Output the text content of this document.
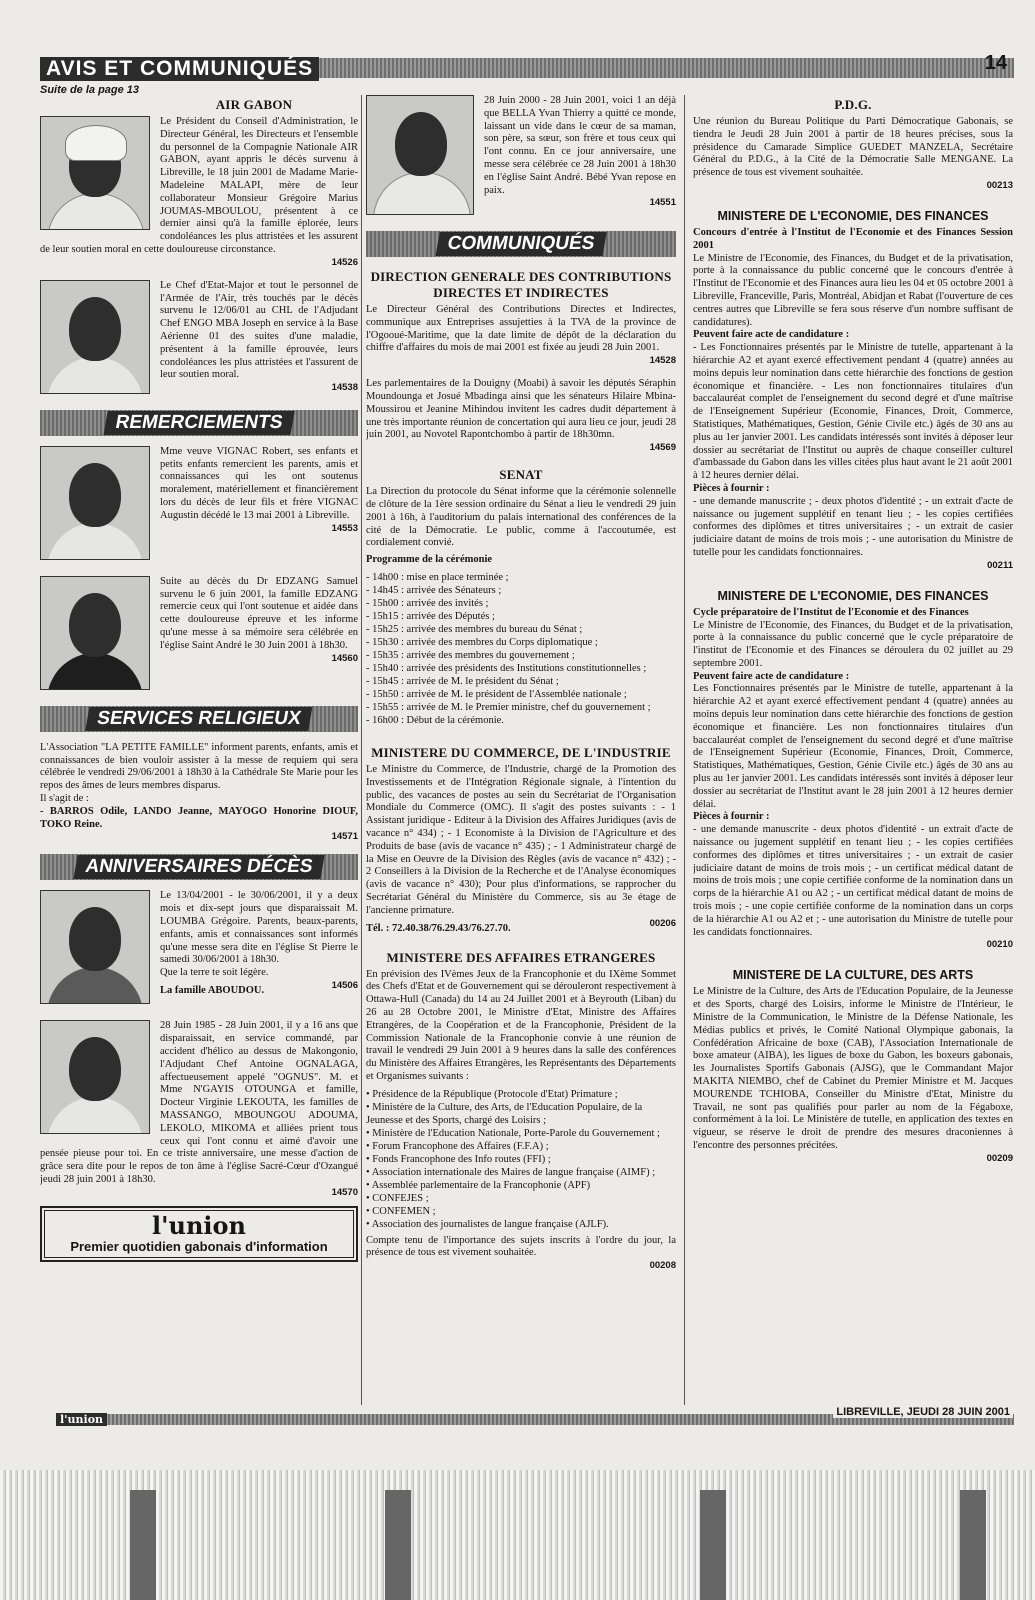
AVIS ET COMMUNIQUÉS	14
Suite de la page 13
AIR GABON
Le Président du Conseil d'Administration, le Directeur Général, les Directeurs et l'ensemble du personnel de la Compagnie Nationale AIR GABON, ayant appris le décès survenu à Libreville, le 18 juin 2001 de Madame Marie-Madeleine MALAPI, mère de leur collaborateur Monsieur Grégoire Marius JOUMAS-MBOULOU, présentent à ce dernier ainsi qu'à la famille éplorée, leurs condoléances les plus attristées et les assurent de leur soutien moral en cette douloureuse circonstance.
14526
Le Chef d'Etat-Major et tout le personnel de l'Armée de l'Air, très touchés par le décès survenu le 12/06/01 au CHL de l'Adjudant Chef ENGO MBA Joseph en service à la Base Aérienne 01 des suites d'une maladie, présentent à la famille éprouvée, leurs condoléances les plus attristées et l'assurent de leur soutien moral.
14538
REMERCIEMENTS
Mme veuve VIGNAC Robert, ses enfants et petits enfants remercient les parents, amis et connaissances qui les ont soutenus moralement, matériellement et financièrement lors du décès de leur fils et frère VIGNAC Augustin décédé le 13 mai 2001 à Libreville.
14553
Suite au décès du Dr EDZANG Samuel survenu le 6 juin 2001, la famille EDZANG remercie ceux qui l'ont soutenue et aidée dans cette douloureuse épreuve et les informe qu'une messe à sa mémoire sera célébrée en l'église Saint André le 30 Juin 2001 à 18h30.
14560
SERVICES RELIGIEUX
L'Association "LA PETITE FAMILLE" informent parents, enfants, amis et connaissances de bien vouloir assister à la messe de requiem qui sera célébrée le vendredi 29/06/2001 à 18h30 à la Cathédrale Ste Marie pour les repos des âmes de leurs membres disparus.
Il s'agit de :
- BARROS Odile, LANDO Jeanne, MAYOGO Honorine DIOUF, TOKO Reine.
14571
ANNIVERSAIRES DÉCÈS
Le 13/04/2001 - le 30/06/2001, il y a deux mois et dix-sept jours que disparaissait M. LOUMBA Grégoire. Parents, beaux-parents, enfants, amis et connaissances sont informés qu'une messe sera dite en l'église St Pierre le samedi 30/06/2001 à 18h30.
Que la terre te soit légère.
La famille ABOUDOU.	14506
28 Juin 1985 - 28 Juin 2001, il y a 16 ans que disparaissait, en service commandé, par accident d'hélico au dessus de Makongonio, l'Adjudant Chef Antoine OGNALAGA, affectueusement appelé "OGNUS". M. et Mme N'GAYIS OTOUNGA et famille, Docteur Virginie LEKOUTA, les familles de MASSANGO, MBOUNGOU ADOUMA, LEKOLO, MIKOMA et alliées prient tous ceux qui l'ont connu et aimé d'avoir une pensée pieuse pour toi. En ce triste anniversaire, une messe d'action de grâce sera dite pour le repos de ton âme à l'église Sacré-Cœur d'Ozangué jeudi 28 juin 2001 à 18h30.
14570
l'union
Premier quotidien gabonais d'information
28 Juin 2000 - 28 Juin 2001, voici 1 an déjà que BELLA Yvan Thierry a quitté ce monde, laissant un vide dans le cœur de sa maman, son père, sa sœur, son frère et tous ceux qui l'ont connu. En ce jour anniversaire, une messe sera célébrée ce 28 Juin 2001 à 18h30 en l'église Saint André. Bébé Yvan repose en paix.
14551
COMMUNIQUÉS
DIRECTION GENERALE DES CONTRIBUTIONS DIRECTES ET INDIRECTES
Le Directeur Général des Contributions Directes et Indirectes, communique aux Entreprises assujetties à la TVA de la province de l'Ogooué-Maritime, que la date limite de dépôt de la déclaration du chiffre d'affaires du mois de mai 2001 est fixée au jeudi 28 Juin 2001.
14528
Les parlementaires de la Douigny (Moabi) à savoir les députés Séraphin Moundounga et Josué Mbadinga ainsi que les sénateurs Hilaire Mbina-Moussirou et Jeanine Mihindou invitent les cadres dudit département à une très importante réunion de concertation qui aura lieu ce jour, jeudi 28 juin 2001, au Novotel Rapontchombo à partir de 18h30mn.
14569
SENAT
La Direction du protocole du Sénat informe que la cérémonie solennelle de clôture de la 1ère session ordinaire du Sénat a lieu le vendredi 29 juin 2001 à 16h, à l'auditorium du palais international des conférences de la cité de la Démocratie. Le public, comme à l'accoutumée, est cordialement convié.
Programme de la cérémonie
- 14h00 : mise en place terminée ;
- 14h45 : arrivée des Sénateurs ;
- 15h00 : arrivée des invités ;
- 15h15 : arrivée des Députés ;
- 15h25 : arrivée des membres du bureau du Sénat ;
- 15h30 : arrivée des membres du Corps diplomatique ;
- 15h35 : arrivée des membres du gouvernement ;
- 15h40 : arrivée des présidents des Institutions constitutionnelles ;
- 15h45 : arrivée de M. le président du Sénat ;
- 15h50 : arrivée de M. le président de l'Assemblée nationale ;
- 15h55 : arrivée de M. le Premier ministre, chef du gouvernement ;
- 16h00 : Début de la cérémonie.
MINISTERE DU COMMERCE, DE L'INDUSTRIE
Le Ministre du Commerce, de l'Industrie, chargé de la Promotion des Investissements et de l'Intégration Régionale signale, à l'intention du public, des vacances de postes au sein du Secrétariat de l'Organisation Mondiale du Commerce (OMC). Il s'agit des postes suivants : - 1 Assistant juridique - Editeur à la Division des Affaires Juridiques (avis de vacance n° 434) ; - 1 Economiste à la Division de l'Agriculture et des Produits de base (avis de vacance n° 435) ; - 1 Administrateur chargé de la Mise en Oeuvre de la Division des Règles (avis de vacance n° 432) ; - 2 Conseillers à la Division de la Recherche et de l'Analyse économiques (avis de vacance n° 430); Pour plus d'informations, se rapprocher du Secrétariat Général du Ministère du Commerce, sis au 3e étage de l'ancienne primature.
Tél. : 72.40.38/76.29.43/76.27.70.	00206
MINISTERE DES AFFAIRES ETRANGERES
En prévision des IVèmes Jeux de la Francophonie et du IXème Sommet des Chefs d'Etat et de Gouvernement qui se dérouleront respectivement à Ottawa-Hull (Canada) du 14 au 24 Juillet 2001 et à Beyrouth (Liban) du 26 au 28 Octobre 2001, le Ministre d'Etat, Ministre des Affaires Etrangères, de la Coopération et de la Francophonie, Président de la Commission Nationale de la Francophonie convie à une réunion de travail le vendredi 29 Juin 2001 à 9 heures dans la salle des conférences du Ministère des Affaires Etrangères, les Représentants des Départements et Organismes suivants :
• Présidence de la République (Protocole d'Etat) Primature ;
• Ministère de la Culture, des Arts, de l'Education Populaire, de la Jeunesse et des Sports, chargé des Loisirs ;
• Ministère de l'Education Nationale, Porte-Parole du Gouvernement ;
• Forum Francophone des Affaires (F.F.A) ;
• Fonds Francophone des Info routes (FFI) ;
• Association internationale des Maires de langue française (AIMF) ;
• Assemblée parlementaire de la Francophonie (APF)
• CONFEJES ;
• CONFEMEN ;
• Association des journalistes de langue française (AJLF).
Compte tenu de l'importance des sujets inscrits à l'ordre du jour, la présence de tous est vivement souhaitée.
00208
P.D.G.
Une réunion du Bureau Politique du Parti Démocratique Gabonais, se tiendra le Jeudi 28 Juin 2001 à partir de 18 heures précises, sous la présidence du Camarade Simplice GUEDET MANZELA, Secrétaire Général du P.D.G., à la Cité de la Démocratie Salle MENGANE. La présence de tous est vivement souhaitée.
00213
MINISTERE DE L'ECONOMIE, DES FINANCES
Concours d'entrée à l'Institut de l'Economie et des Finances Session 2001
Le Ministre de l'Economie, des Finances, du Budget et de la privatisation, porte à la connaissance du public concerné que le concours d'entrée à l'Institut de l'Economie et des Finances aura lieu les 04 et 05 octobre 2001 à Libreville, Franceville, Paris, Montréal, Abidjan et Rabat (l'ouverture de ces centres autres que Libreville se fera sous réserve d'un nombre suffisant de candidatures).
Peuvent faire acte de candidature :
- Les Fonctionnaires présentés par le Ministre de tutelle, appartenant à la hiérarchie A2 et ayant exercé effectivement pendant 4 (quatre) années au moins depuis leur nomination dans cette hiérarchie des fonctions de gestion économique et financière. - Les non fonctionnaires titulaires d'un baccalauréat complet de l'enseignement du second degré et d'une maîtrise de l'Enseignement Supérieur (Economie, Finances, Droit, Commerce, Statistiques, Mathématiques, Gestion, Génie Civile etc.) âgés de 30 ans au plus au 1er janvier 2001. Les candidats intéressés sont invités à déposer leur dossier au secrétariat de l'Institut ou auprès de chaque conseiller culturel d'ambassade du Gabon dans les villes citées plus haut avant le 21 août 2001 à 12 heures dernier délai.
Pièces à fournir :
- une demande manuscrite ; - deux photos d'identité ; - un extrait d'acte de naissance ou jugement supplétif en tenant lieu ; - les copies certifiées conformes des diplômes et titres universitaires ; - un extrait de casier judiciaire datant de moins de trois mois ; - une autorisation du Ministre de tutelle pour les candidats fonctionnaires.
00211
MINISTERE DE L'ECONOMIE, DES FINANCES
Cycle préparatoire de l'Institut de l'Economie et des Finances
Le Ministre de l'Economie, des Finances, du Budget et de la privatisation, porte à la connaissance du public concerné que le cycle préparatoire de l'institut de l'Economie et des Finances se déroulera du 02 juillet au 29 septembre 2001.
Peuvent faire acte de candidature :
Les Fonctionnaires présentés par le Ministre de tutelle, appartenant à la hiérarchie A2 et ayant exercé effectivement pendant 4 (quatre) années au moins depuis leur nomination dans cette hiérarchie des fonctions de gestion économique et financière. Les non fonctionnaires titulaires d'un baccalauréat complet de l'enseignement du second degré et d'une maîtrise de l'Enseignement Supérieur (Economie, Finances, Droit, Commerce, Statistiques, Mathématiques, Gestion, Génie Civile etc.) âgés de 30 ans au plus au 1er janvier 2001. Les candidats intéressés sont invités à déposer leur dossier au secrétariat de l'Institut avant le 28 juin 2001 à 12 heures dernier délai.
Pièces à fournir :
- une demande manuscrite - deux photos d'identité - un extrait d'acte de naissance ou jugement supplétif en tenant lieu ; - les copies certifiées conformes des diplômes et titres universitaires ; - un extrait de casier judiciaire datant de moins de trois mois ; - un certificat médical datant de moins de trois mois ; une copie certifiée conforme de la nomination dans un corps de la hiérarchie A1 ou A2 ; - un certificat médical datant de moins de trois mois ; - une copie certifiée conforme de la nomination dans un corps de la hiérarchie A1 ou A2 et ; - une autorisation du Ministre de tutelle pour les candidats fonctionnaires.
00210
MINISTERE DE LA CULTURE, DES ARTS
Le Ministre de la Culture, des Arts de l'Education Populaire, de la Jeunesse et des Sports, chargé des Loisirs, informe le Ministre de l'Intérieur, le Ministre de la Communication, le Ministre de la Défense Nationale, les Médias publics et privés, le Comité National Olympique gabonais, la Confédération Africaine de boxe (CAB), l'Association Internationale de boxe amateur (AIBA), les ligues de boxe du Gabon, les boxeurs gabonais, les Journalistes Sportifs Gabonais (AJSG), que le Commandant Major MAKITA NIEMBO, chef de Cabinet du Premier Ministre et M. Jacques MOURENDE TCHIOBA, Conseiller du Ministre d'Etat, Ministre du Travail, ne sont pas qualifiés pour parler au nom de la Fégaboxe, conformément à la loi. Le Ministère de tutelle, en application des textes en vigueur, se réserve le droit de prendre des mesures draconiennes à l'encontre des personnes précitées.
00209
l'union
LIBREVILLE, JEUDI 28 JUIN 2001
